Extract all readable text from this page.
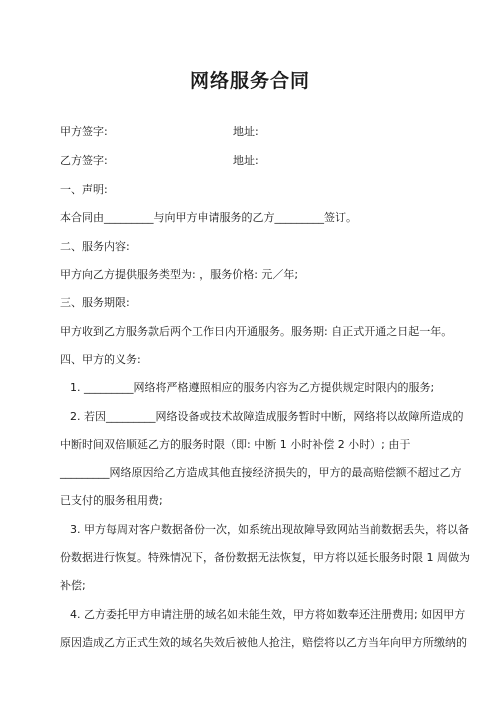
网络服务合同
甲方签字:	地址:
乙方签字:	地址:
一、声明:
本合同由_________与向甲方申请服务的乙方_________签订。
二、服务内容:
甲方向乙方提供服务类型为: ，服务价格: 元／年;
三、服务期限:
甲方收到乙方服务款后两个工作日内开通服务。服务期: 自正式开通之日起一年。
四、甲方的义务:
1. _________网络将严格遵照相应的服务内容为乙方提供规定时限内的服务;
2. 若因_________网络设备或技术故障造成服务暂时中断，网络将以故障所造成的
中断时间双倍顺延乙方的服务时限（即: 中断 1 小时补偿 2 小时）; 由于
_________网络原因给乙方造成其他直接经济损失的，甲方的最高赔偿额不超过乙方
已支付的服务租用费;
3. 甲方每周对客户数据备份一次，如系统出现故障导致网站当前数据丢失，将以备
份数据进行恢复。特殊情况下，备份数据无法恢复，甲方将以延长服务时限 1 周做为
补偿;
4. 乙方委托甲方申请注册的域名如未能生效，甲方将如数奉还注册费用; 如因甲方
原因造成乙方正式生效的域名失效后被他人抢注，赔偿将以乙方当年向甲方所缴纳的
